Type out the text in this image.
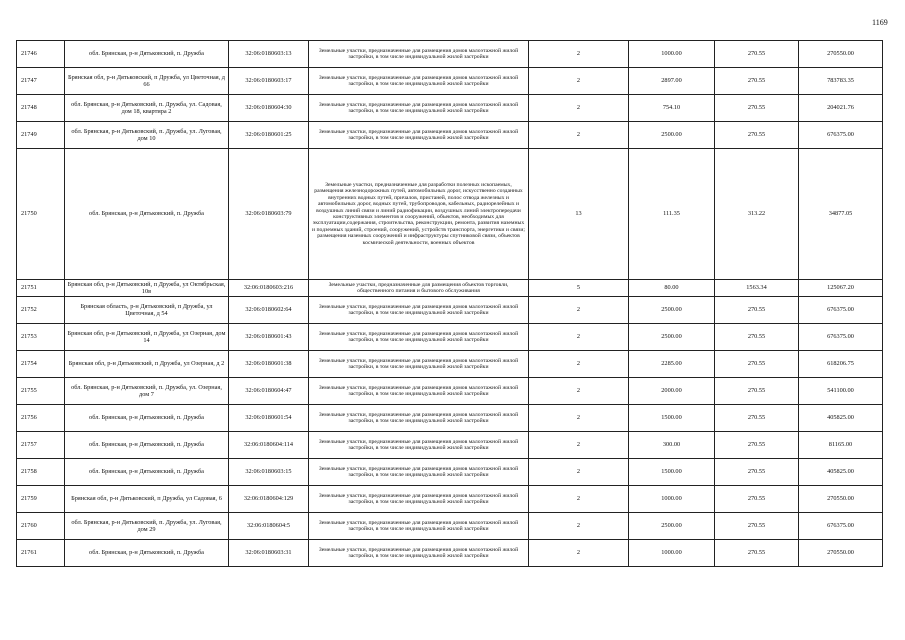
1169
21746	обл. Брянская, р-н Дятьковский, п. Дружба	32:06:0180603:13	Земельные участки, предназначенные для размещения домов малоэтажной жилой застройки, в том числе индивидуальной жилой застройки	2	1000.00	270.55	270550.00
21747	Брянская обл, р-н Дятьковский, п Дружба, ул Цветочная, д 66	32:06:0180603:17	Земельные участки, предназначенные для размещения домов малоэтажной жилой застройки, в том числе индивидуальной жилой застройки	2	2897.00	270.55	783783.35
21748	обл. Брянская, р-н Дятьковский, п. Дружба, ул. Садовая, дом 18, квартира 2	32:06:0180604:30	Земельные участки, предназначенные для размещения домов малоэтажной жилой застройки, в том числе индивидуальной жилой застройки	2	754.10	270.55	204021.76
21749	обл. Брянская, р-н Дятьковский, п. Дружба, ул. Луговая, дом 10	32:06:0180601:25	Земельные участки, предназначенные для размещения домов малоэтажной жилой застройки, в том числе индивидуальной жилой застройки	2	2500.00	270.55	676375.00
21750	обл. Брянская, р-н Дятьковский, п. Дружба	32:06:0180603:79	Земельные участки, предназначенные для разработки полезных ископаемых, размещения железнодорожных путей, автомобильных дорог, искусственно созданных внутренних водных путей, причалов, пристаней, полос отвода железных и автомобильных дорог, водных путей, трубопроводов, кабельных, радиорелейных и воздушных линий связи и линий радиофикации, воздушных линий электропередачи конструктивных элементов и сооружений, объектов, необходимых для эксплуатации,содержания, строительства, реконструкции, ремонта, развития наземных и подземных зданий, строений, сооружений, устройств транспорта, энергетики и связи; размещения наземных сооружений и инфраструктуры спутниковой связи, объектов космической деятельности, военных объектов	13	111.35	313.22	34877.05
21751	Брянская обл, р-н Дятьковский, п Дружба, ул Октябрьская, 10в	32:06:0180603:216	Земельные участки, предназначенные для размещения объектов торговли, общественного питания и бытового обслуживания	5	80.00	1563.34	125067.20
21752	Брянская область, р-н Дятьковский, п Дружба, ул Цветочная, д 54	32:06:0180602:64	Земельные участки, предназначенные для размещения домов малоэтажной жилой застройки, в том числе индивидуальной жилой застройки	2	2500.00	270.55	676375.00
21753	Брянская обл, р-н Дятьковский, п Дружба, ул Озерная, дом 14	32:06:0180601:43	Земельные участки, предназначенные для размещения домов малоэтажной жилой застройки, в том числе индивидуальной жилой застройки	2	2500.00	270.55	676375.00
21754	Брянская обл, р-н Дятьковский, п Дружба, ул Озерная, д 2	32:06:0180601:38	Земельные участки, предназначенные для размещения домов малоэтажной жилой застройки, в том числе индивидуальной жилой застройки	2	2285.00	270.55	618206.75
21755	обл. Брянская, р-н Дятьковский, п. Дружба, ул. Озерная, дом 7	32:06:0180604:47	Земельные участки, предназначенные для размещения домов малоэтажной жилой застройки, в том числе индивидуальной жилой застройки	2	2000.00	270.55	541100.00
21756	обл. Брянская, р-н Дятьковский, п. Дружба	32:06:0180601:54	Земельные участки, предназначенные для размещения домов малоэтажной жилой застройки, в том числе индивидуальной жилой застройки	2	1500.00	270.55	405825.00
21757	обл. Брянская, р-н Дятьковский, п. Дружба	32:06:0180604:114	Земельные участки, предназначенные для размещения домов малоэтажной жилой застройки, в том числе индивидуальной жилой застройки	2	300.00	270.55	81165.00
21758	обл. Брянская, р-н Дятьковский, п. Дружба	32:06:0180603:15	Земельные участки, предназначенные для размещения домов малоэтажной жилой застройки, в том числе индивидуальной жилой застройки	2	1500.00	270.55	405825.00
21759	Брянская обл, р-н Дятьковский, п Дружба, ул Садовая, 6	32:06:0180604:129	Земельные участки, предназначенные для размещения домов малоэтажной жилой застройки, в том числе индивидуальной жилой застройки	2	1000.00	270.55	270550.00
21760	обл. Брянская, р-н Дятьковский, п. Дружба, ул. Луговая, дом 29	32:06:0180604:5	Земельные участки, предназначенные для размещения домов малоэтажной жилой застройки, в том числе индивидуальной жилой застройки	2	2500.00	270.55	676375.00
21761	обл. Брянская, р-н Дятьковский, п. Дружба	32:06:0180603:31	Земельные участки, предназначенные для размещения домов малоэтажной жилой застройки, в том числе индивидуальной жилой застройки	2	1000.00	270.55	270550.00
